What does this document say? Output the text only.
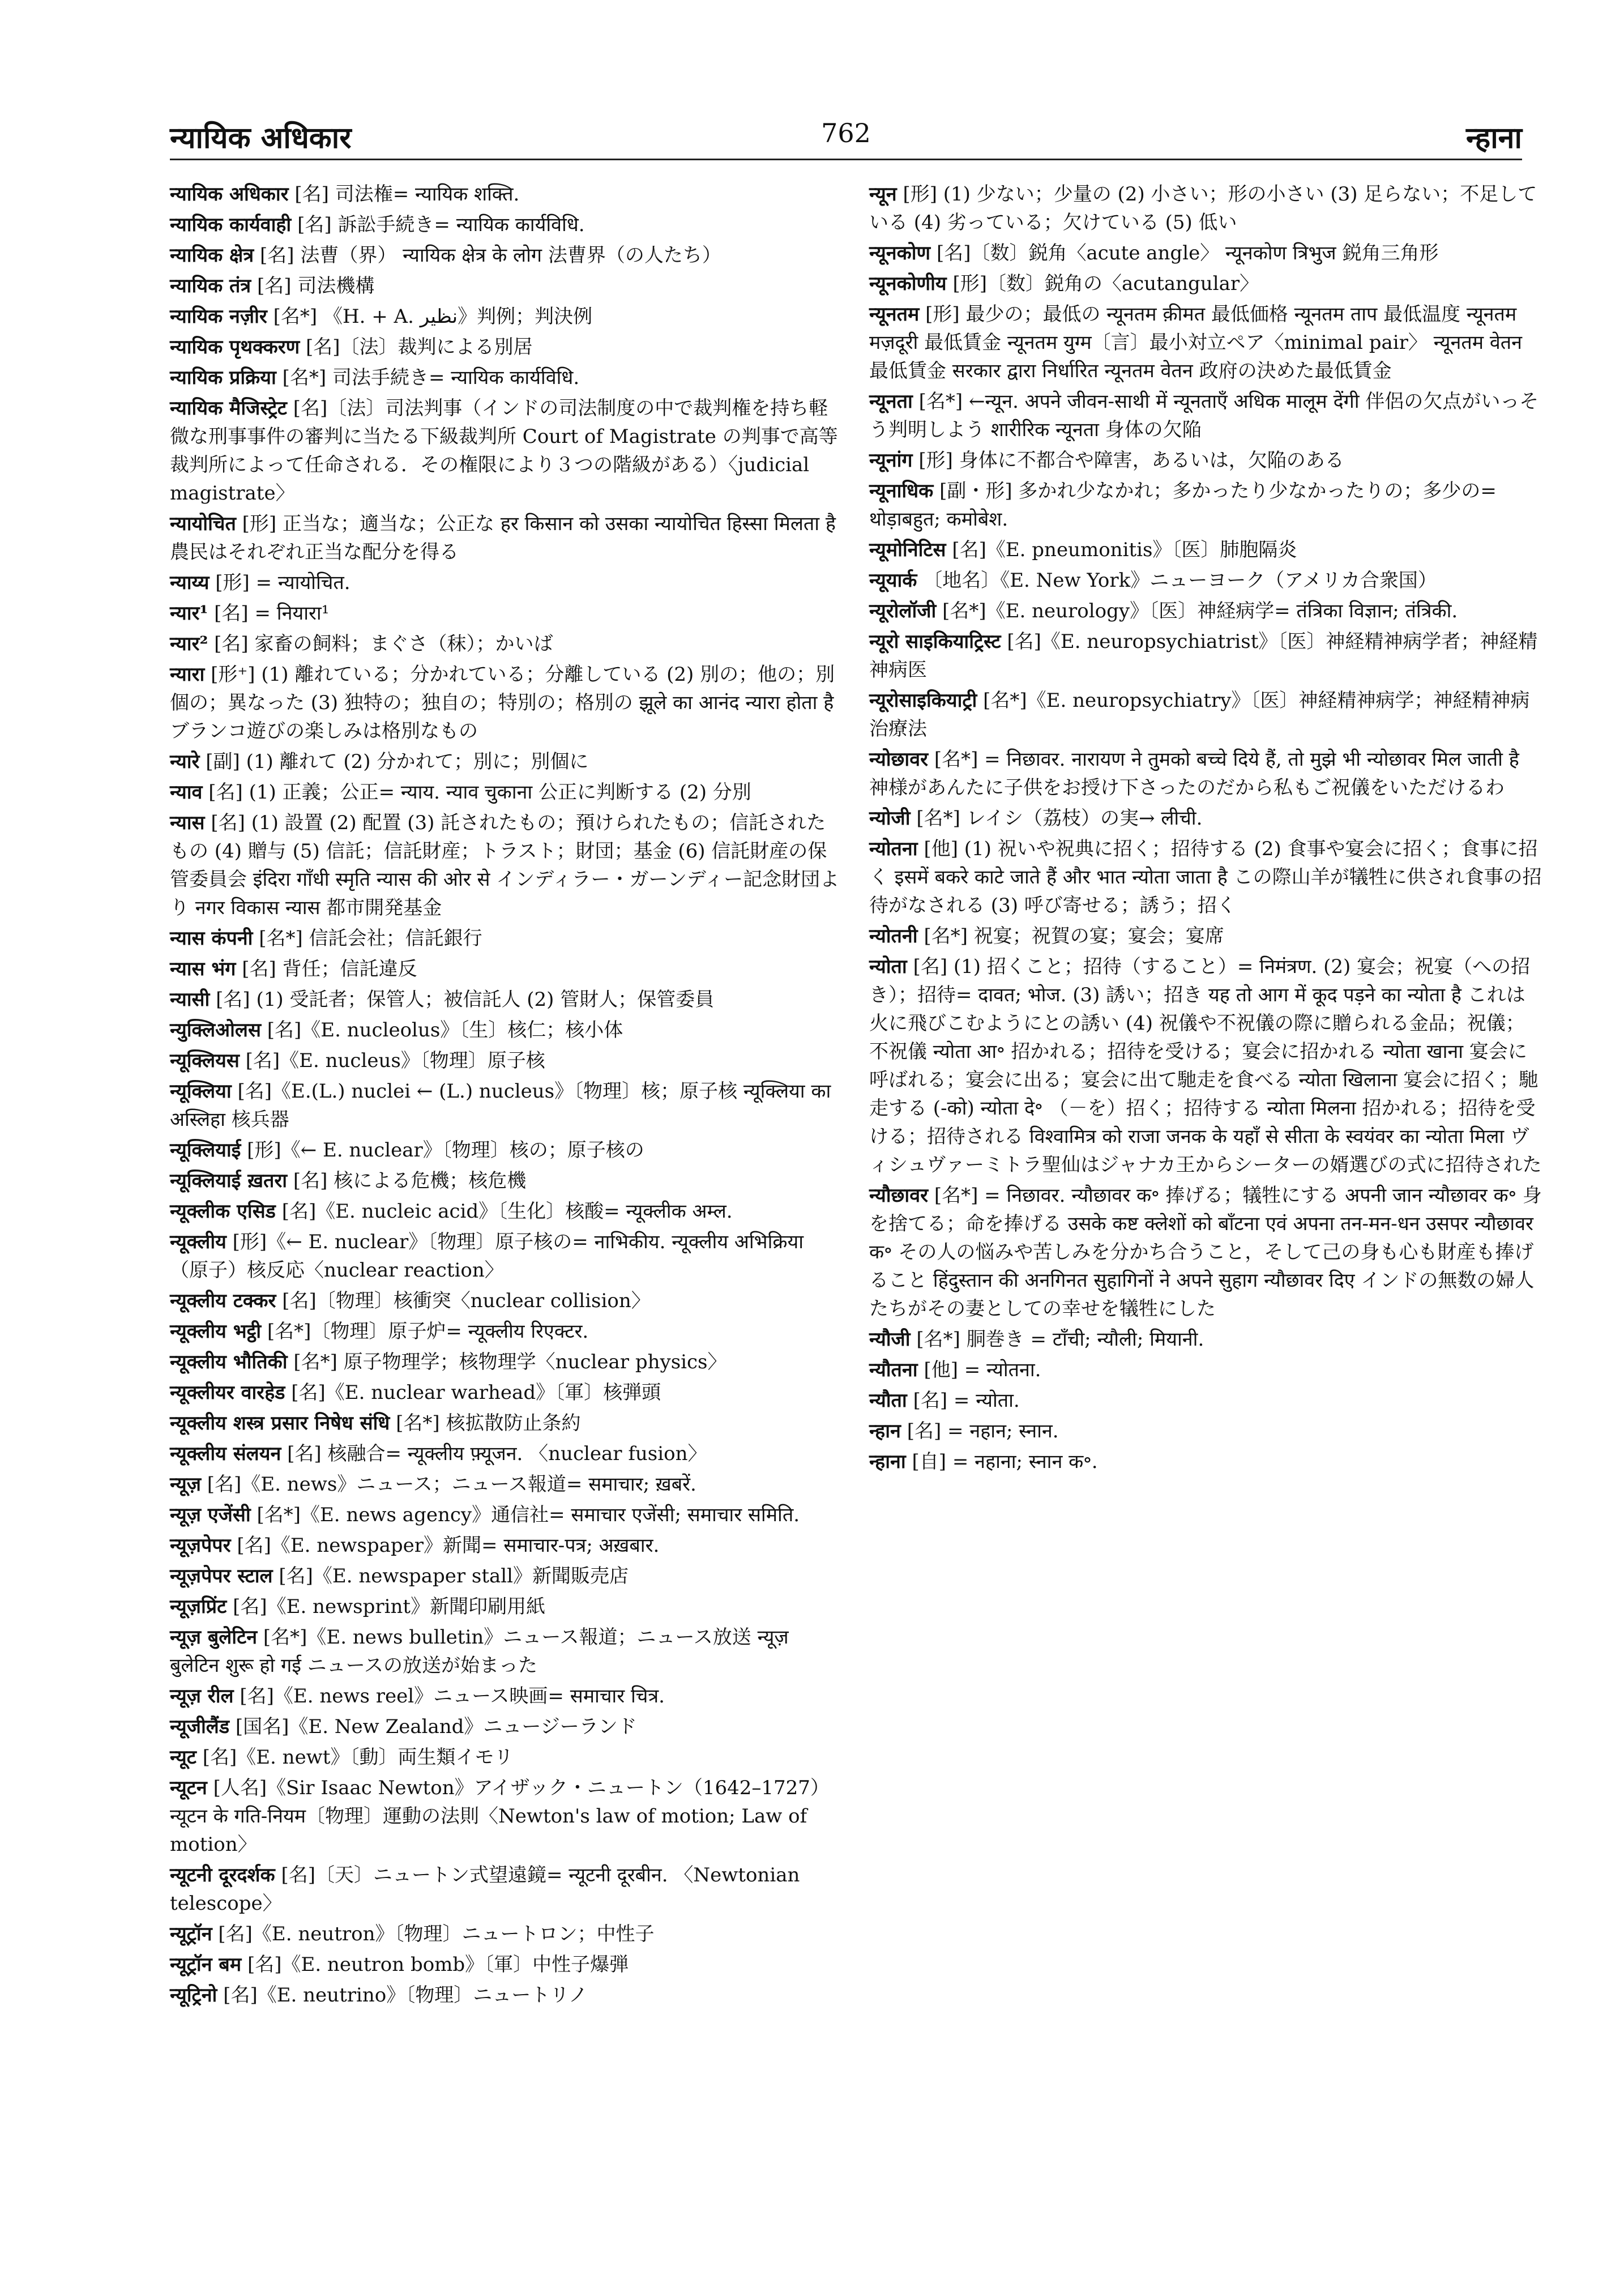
न्यायिक अधिकार	762	न्हाना

न्यायिक अधिकार [名] 司法権= न्यायिक शक्ति.

न्यायिक कार्यवाही [名] 訴訟手続き= न्यायिक कार्यविधि.

न्यायिक क्षेत्र [名] 法曹（界） न्यायिक क्षेत्र के लोग 法曹界（の人たち）

न्यायिक तंत्र [名] 司法機構

न्यायिक नज़ीर [名*] 《H. + A. نظیر》判例；判決例

न्यायिक पृथक्करण [名]〔法〕裁判による別居

न्यायिक प्रक्रिया [名*] 司法手続き= न्यायिक कार्यविधि.

न्यायिक मैजिस्ट्रेट [名]〔法〕司法判事（インドの司法制度の中で裁判権を持ち軽微な刑事事件の審判に当たる下級裁判所 Court of Magistrate の判事で高等裁判所によって任命される．その権限により３つの階級がある）〈judicial magistrate〉

न्यायोचित [形] 正当な；適当な；公正な हर किसान को उसका न्यायोचित हिस्सा मिलता है 農民はそれぞれ正当な配分を得る

न्याय्य [形] = न्यायोचित.

न्यार¹ [名] = नियारा¹

न्यार² [名] 家畜の飼料；まぐさ（秣）；かいば

न्यारा [形⁺] (1) 離れている；分かれている；分離している (2) 別の；他の；別個の；異なった (3) 独特の；独自の；特別の；格別の झूले का आनंद न्यारा होता है ブランコ遊びの楽しみは格別なもの

न्यारे [副] (1) 離れて (2) 分かれて；別に；別個に

न्याव [名] (1) 正義；公正= न्याय. न्याव चुकाना 公正に判断する (2) 分別

न्यास [名] (1) 設置 (2) 配置 (3) 託されたもの；預けられたもの；信託されたもの (4) 贈与 (5) 信託；信託財産；トラスト；財団；基金 (6) 信託財産の保管委員会 इंदिरा गाँधी स्मृति न्यास की ओर से インディラー・ガーンディー記念財団より नगर विकास न्यास 都市開発基金

न्यास कंपनी [名*] 信託会社；信託銀行

न्यास भंग [名] 背任；信託違反

न्यासी [名] (1) 受託者；保管人；被信託人 (2) 管財人；保管委員

न्युक्लिओलस [名]《E. nucleolus》〔生〕核仁；核小体

न्यूक्लियस [名]《E. nucleus》〔物理〕原子核

न्यूक्लिया [名]《E.(L.) nuclei ← (L.) nucleus》〔物理〕核；原子核 न्यूक्लिया का अस्लिहा 核兵器

न्यूक्लियाई [形]《← E. nuclear》〔物理〕核の；原子核の

न्यूक्लियाई ख़तरा [名] 核による危機；核危機

न्यूक्लीक एसिड [名]《E. nucleic acid》〔生化〕核酸= न्यूक्लीक अम्ल.

न्यूक्लीय [形]《← E. nuclear》〔物理〕原子核の= नाभिकीय. न्यूक्लीय अभिक्रिया （原子）核反応〈nuclear reaction〉

न्यूक्लीय टक्कर [名]〔物理〕核衝突〈nuclear collision〉

न्यूक्लीय भट्ठी [名*]〔物理〕原子炉= न्यूक्लीय रिएक्टर.

न्यूक्लीय भौतिकी [名*] 原子物理学；核物理学〈nuclear physics〉

न्यूक्लीयर वारहेड [名]《E. nuclear warhead》〔軍〕核弾頭

न्यूक्लीय शस्त्र प्रसार निषेध संधि [名*] 核拡散防止条約

न्यूक्लीय संलयन [名] 核融合= न्यूक्लीय फ़्यूजन. 〈nuclear fusion〉

न्यूज़ [名]《E. news》ニュース；ニュース報道= समाचार; ख़बरें.

न्यूज़ एजेंसी [名*]《E. news agency》通信社= समाचार एजेंसी; समाचार समिति.

न्यूज़पेपर [名]《E. newspaper》新聞= समाचार-पत्र; अख़बार.

न्यूज़पेपर स्टाल [名]《E. newspaper stall》新聞販売店

न्यूज़प्रिंट [名]《E. newsprint》新聞印刷用紙

न्यूज़ बुलेटिन [名*]《E. news bulletin》ニュース報道；ニュース放送 न्यूज़ बुलेटिन शुरू हो गई ニュースの放送が始まった

न्यूज़ रील [名]《E. news reel》ニュース映画= समाचार चित्र.

न्यूजीलैंड [国名]《E. New Zealand》ニュージーランド

न्यूट [名]《E. newt》〔動〕両生類イモリ

न्यूटन [人名]《Sir Isaac Newton》アイザック・ニュートン（1642–1727） न्यूटन के गति-नियम〔物理〕運動の法則〈Newton's law of motion; Law of motion〉

न्यूटनी दूरदर्शक [名]〔天〕ニュートン式望遠鏡= न्यूटनी दूरबीन. 〈Newtonian telescope〉

न्यूट्रॉन [名]《E. neutron》〔物理〕ニュートロン；中性子

न्यूट्रॉन बम [名]《E. neutron bomb》〔軍〕中性子爆弾

न्यूट्रिनो [名]《E. neutrino》〔物理〕ニュートリノ

न्यून [形] (1) 少ない；少量の (2) 小さい；形の小さい (3) 足らない；不足している (4) 劣っている；欠けている (5) 低い

न्यूनकोण [名]〔数〕鋭角〈acute angle〉 न्यूनकोण त्रिभुज 鋭角三角形

न्यूनकोणीय [形]〔数〕鋭角の〈acutangular〉

न्यूनतम [形] 最少の；最低の न्यूनतम क़ीमत 最低価格 न्यूनतम ताप 最低温度 न्यूनतम मज़दूरी 最低賃金 न्यूनतम युग्म〔言〕最小対立ペア〈minimal pair〉 न्यूनतम वेतन 最低賃金 सरकार द्वारा निर्धारित न्यूनतम वेतन 政府の決めた最低賃金

न्यूनता [名*] ←न्यून. अपने जीवन-साथी में न्यूनताएँ अधिक मालूम देंगी 伴侶の欠点がいっそう判明しよう शारीरिक न्यूनता 身体の欠陥

न्यूनांग [形] 身体に不都合や障害，あるいは，欠陥のある

न्यूनाधिक [副・形] 多かれ少なかれ；多かったり少なかったりの；多少の= थोड़ाबहुत; कमोबेश.

न्यूमोनिटिस [名]《E. pneumonitis》〔医〕肺胞隔炎

न्यूयार्क 〔地名〕《E. New York》ニューヨーク（アメリカ合衆国）

न्यूरोलॉजी [名*]《E. neurology》〔医〕神経病学= तंत्रिका विज्ञान; तंत्रिकी.

न्यूरो साइकियाट्रिस्ट [名]《E. neuropsychiatrist》〔医〕神経精神病学者；神経精神病医

न्यूरोसाइकियाट्री [名*]《E. neuropsychiatry》〔医〕神経精神病学；神経精神病治療法

न्योछावर [名*] = निछावर. नारायण ने तुमको बच्चे दिये हैं, तो मुझे भी न्योछावर मिल जाती है 神様があんたに子供をお授け下さったのだから私もご祝儀をいただけるわ

न्योजी [名*] レイシ（荔枝）の実→ लीची.

न्योतना [他] (1) 祝いや祝典に招く；招待する (2) 食事や宴会に招く；食事に招く इसमें बकरे काटे जाते हैं और भात न्योता जाता है この際山羊が犠牲に供され食事の招待がなされる (3) 呼び寄せる；誘う；招く

न्योतनी [名*] 祝宴；祝賀の宴；宴会；宴席

न्योता [名] (1) 招くこと；招待（すること）= निमंत्रण. (2) 宴会；祝宴（への招き）；招待= दावत; भोज. (3) 誘い；招き यह तो आग में कूद पड़ने का न्योता है これは火に飛びこむようにとの誘い (4) 祝儀や不祝儀の際に贈られる金品；祝儀；不祝儀 न्योता आ॰ 招かれる；招待を受ける；宴会に招かれる न्योता खाना 宴会に呼ばれる；宴会に出る；宴会に出て馳走を食べる न्योता खिलाना 宴会に招く；馳走する (-को) न्योता दे॰ （－を）招く；招待する न्योता मिलना 招かれる；招待を受ける；招待される विश्वामित्र को राजा जनक के यहाँ से सीता के स्वयंवर का न्योता मिला ヴィシュヴァーミトラ聖仙はジャナカ王からシーターの婿選びの式に招待された

न्यौछावर [名*] = निछावर. न्यौछावर क॰ 捧げる；犠牲にする अपनी जान न्यौछावर क॰ 身を捨てる；命を捧げる उसके कष्ट क्लेशों को बाँटना एवं अपना तन-मन-धन उसपर न्यौछावर क॰ その人の悩みや苦しみを分かち合うこと，そして己の身も心も財産も捧げること हिंदुस्तान की अनगिनत सुहागिनों ने अपने सुहाग न्यौछावर दिए インドの無数の婦人たちがその妻としての幸せを犠牲にした

न्यौजी [名*] 胴巻き = टाँची; न्यौली; मियानी.

न्यौतना [他] = न्योतना.

न्यौता [名] = न्योता.

न्हान [名] = नहान; स्नान.

न्हाना [自] = नहाना; स्नान क॰.
